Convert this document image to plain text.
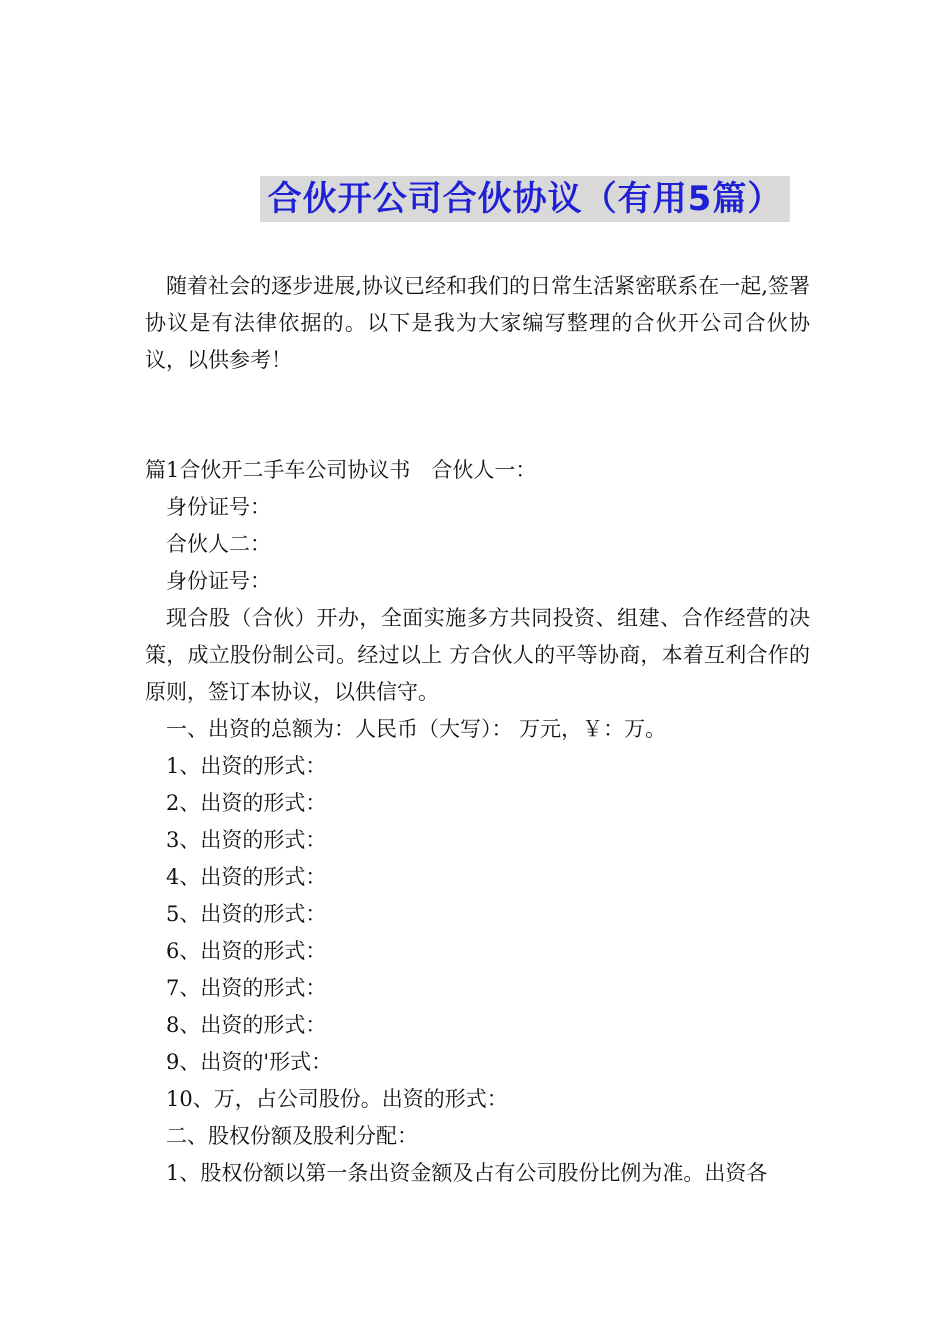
合伙开公司合伙协议（有用5篇）

随着社会的逐步进展,协议已经和我们的日常生活紧密联系在一起,签署协议是有法律依据的。以下是我为大家编写整理的合伙开公司合伙协议，以供参考！

篇1合伙开二手车公司协议书　合伙人一：

身份证号：

合伙人二：

身份证号：

现合股（合伙）开办，全面实施多方共同投资、组建、合作经营的决策，成立股份制公司。经过以上 方合伙人的平等协商，本着互利合作的原则，签订本协议，以供信守。

一、出资的总额为：人民币（大写）： 万元，￥：万。

1、出资的形式：

2、出资的形式：

3、出资的形式：

4、出资的形式：

5、出资的形式：

6、出资的形式：

7、出资的形式：

8、出资的形式：

9、出资的'形式：

10、万，占公司股份。出资的形式：

二、股权份额及股利分配：

1、股权份额以第一条出资金额及占有公司股份比例为准。出资各
